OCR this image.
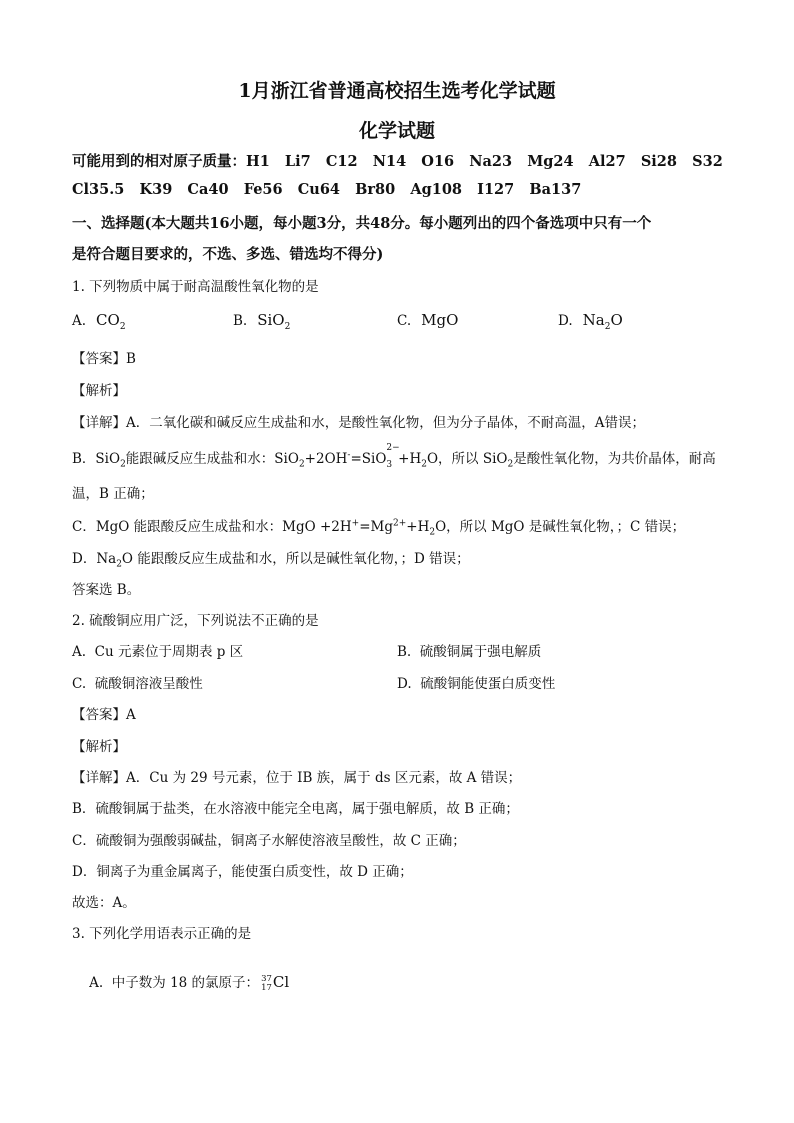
1月浙江省普通高校招生选考化学试题
化学试题
可能用到的相对原子质量：H1   Li7   C12   N14   O16   Na23   Mg24   Al27   Si28   S32
Cl35.5   K39   Ca40   Fe56   Cu64   Br80   Ag108   I127   Ba137
一、选择题(本大题共16小题，每小题3分，共48分。每小题列出的四个备选项中只有一个
是符合题目要求的，不选、多选、错选均不得分)
1. 下列物质中属于耐高温酸性氧化物的是
A. $CO_2$	B. SiO$_2$	C. MgO	D. $Na_2O$
【答案】B
【解析】
【详解】A．二氧化碳和碱反应生成盐和水，是酸性氧化物，但为分子晶体，不耐高温，A错误；
B．SiO$_2$能跟碱反应生成盐和水：SiO$_2$+2OH-=SiO$_{3 2-}$
$+H_2O$，所以 SiO$_2$是酸性氧化物，为共价晶体，耐高
温，B 正确；
C．MgO 能跟酸反应生成盐和水：MgO $+2H^+=Mg^{2+}+H_2O$，所以 MgO 是碱性氧化物，；C 错误；
D．$Na_2O$ 能跟酸反应生成盐和水，所以是碱性氧化物，；D 错误；
答案选 B。
2. 硫酸铜应用广泛，下列说法不正确的是
A.  Cu 元素位于周期表 p 区	B.  硫酸铜属于强电解质
C.  硫酸铜溶液呈酸性	D.  硫酸铜能使蛋白质变性
【答案】A
【解析】
【详解】A．Cu 为 29 号元素，位于 IB 族，属于 ds 区元素，故 A 错误；
B．硫酸铜属于盐类，在水溶液中能完全电离，属于强电解质，故 B 正确；
C．硫酸铜为强酸弱碱盐，铜离子水解使溶液呈酸性，故 C 正确；
D．铜离子为重金属离子，能使蛋白质变性，故 D 正确；
故选：A。
3. 下列化学用语表示正确的是

A.  中子数为 18 的氯原子： 37
17Cl
